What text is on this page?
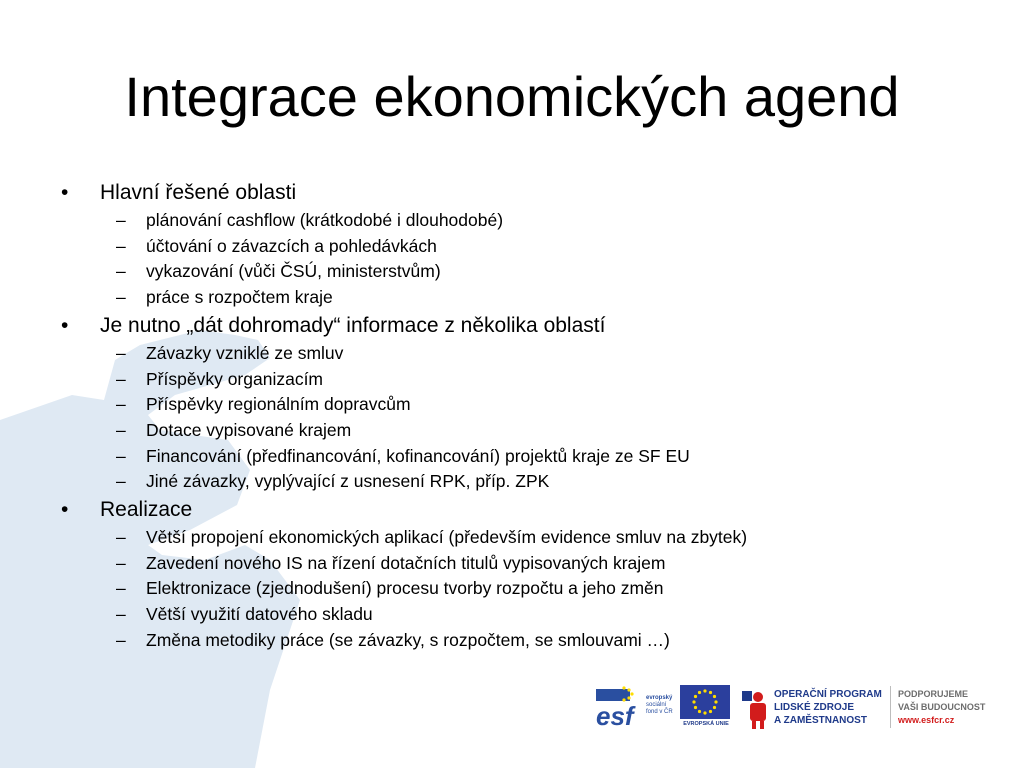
Integrace ekonomických agend
• Hlavní řešené oblasti
– plánování cashflow (krátkodobé i dlouhodobé)
– účtování o závazcích a pohledávkách
– vykazování (vůči ČSÚ, ministerstvům)
– práce s rozpočtem kraje
• Je nutno „dát dohromady“ informace z několika oblastí
– Závazky vzniklé ze smluv
– Příspěvky organizacím
– Příspěvky regionálním dopravcům
– Dotace vypisované krajem
– Financování (předfinancování, kofinancování) projektů kraje ze SF EU
– Jiné závazky, vyplývající z usnesení RPK, příp. ZPK
• Realizace
– Větší propojení ekonomických aplikací (především evidence smluv na zbytek)
– Zavedení nového IS na řízení dotačních titulů vypisovaných krajem
– Elektronizace (zjednodušení) procesu tvorby rozpočtu a jeho změn
– Větší využití datového skladu
– Změna metodiky práce (se závazky, s rozpočtem, se smlouvami …)
esf
evropský
sociální
fond v ČR
EVROPSKÁ UNIE
OPERAČNÍ PROGRAM
LIDSKÉ ZDROJE
A ZAMĚSTNANOST
PODPORUJEME
VAŠI BUDOUCNOST
www.esfcr.cz
